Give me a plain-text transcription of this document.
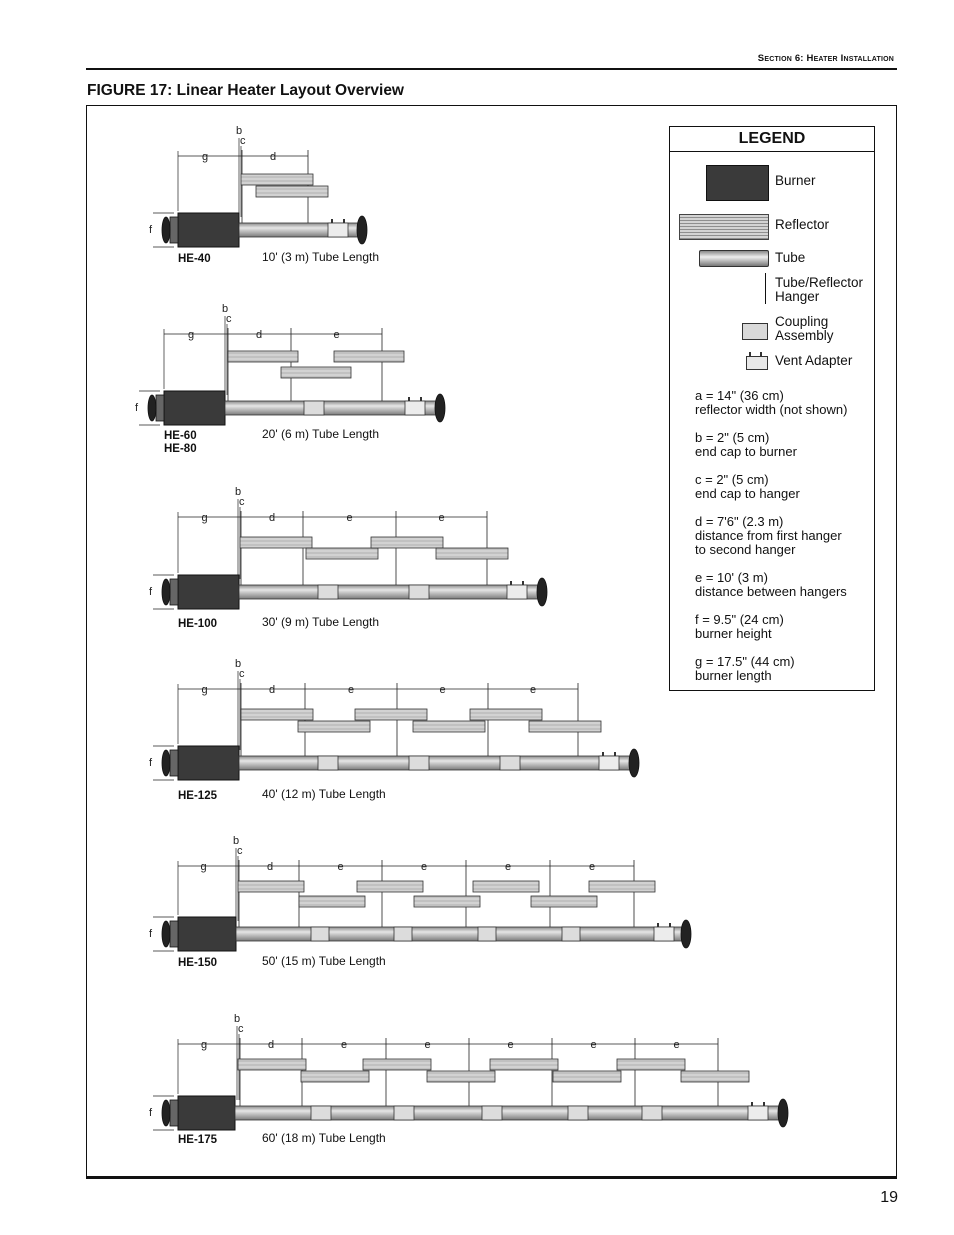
Section 6: Heater Installation
FIGURE 17: Linear Heater Layout Overview
19
b
c
g	d
f
HE-40	10' (3 m) Tube Length
b
c
g	d	e
f
HE-60
HE-80
20' (6 m) Tube Length
b
c
g	d	e	e
f
HE-100	30' (9 m) Tube Length
b
c
g	d	e	e	e
f
HE-125	40' (12 m) Tube Length
b
c
g	d	e	e	e	e
f
HE-150	50' (15 m) Tube Length
b
c
g	d	e	e	e	e	e
f
HE-175	60' (18 m) Tube Length
LEGEND
Burner
Reflector
Tube
Tube/Reflector
Hanger
Coupling
Assembly
Vent Adapter
a = 14" (36 cm)
reflector width (not shown)
b = 2" (5 cm)
end cap to burner
c = 2" (5 cm)
end cap to hanger
d = 7'6" (2.3 m)
distance from first hanger
to second hanger
e = 10' (3 m)
distance between hangers
f = 9.5" (24 cm)
burner height
g = 17.5" (44 cm)
burner length
